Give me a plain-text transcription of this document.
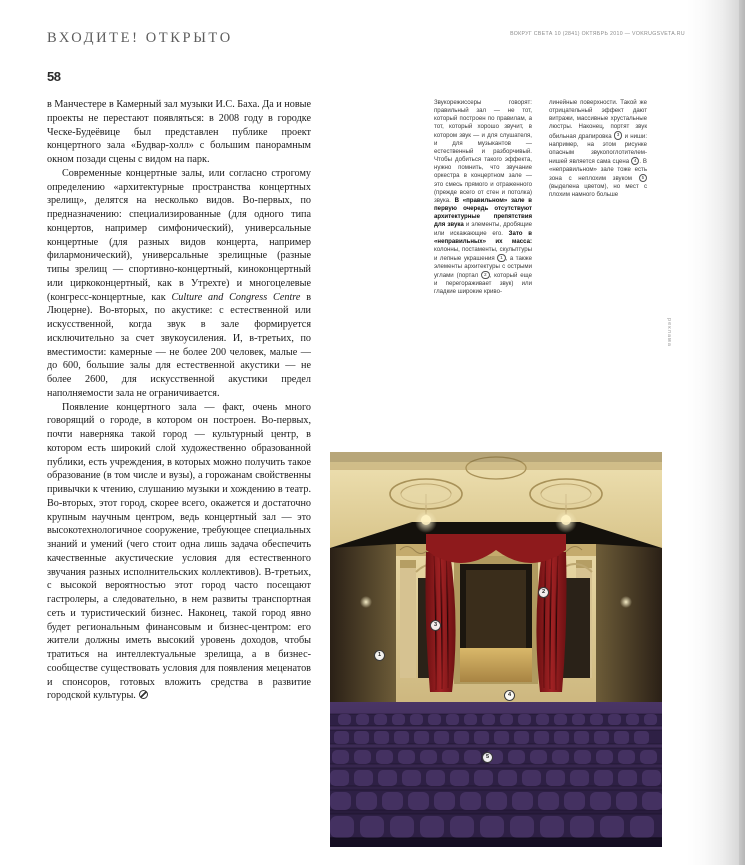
ВХОДИТЕ! ОТКРЫТО	ВОКРУГ СВЕТА 10 (2841) ОКТЯБРЬ 2010 — VOKRUGSVETA.RU
58

в Манчестере в Камерный зал музыки И.С. Баха. Да и новые проекты не перестают появляться: в 2008 году в городке Ческе-Будеёвице был представлен публике проект концертного зала «Будвар-холл» с большим панорамным окном позади сцены с видом на парк.

Современные концертные залы, или согласно строгому определению «архитектурные пространства концертных зрелищ», делятся на несколько видов. Во-первых, по предназначению: специализированные (для одного типа концертов, например симфонический), универсальные концертные (для разных видов концерта, например филармонический), универсальные зрелищные (разные типы зрелищ — спортивно-концертный, киноконцертный или циркоконцертный, как в Утрехте) и многоцелевые (конгресс-концертные, как Culture and Congress Centre в Люцерне). Во-вторых, по акустике: с естественной или искусственной, когда звук в зале формируется исключительно за счет звукоусиления. И, в-третьих, по вместимости: камерные — не более 200 человек, малые — до 600, большие залы для естественной акустики — не более 2600, для искусственной акустики предел наполняемости зала не ограничивается.

Появление концертного зала — факт, очень много говорящий о городе, в котором он построен. Во-первых, почти наверняка такой город — культурный центр, в котором есть широкий слой художественно образованной публики, есть учреждения, в которых можно получить такое образование (в том числе и вузы), а горожанам свойственны привычки к чтению, слушанию музыки и хождению в театр. Во-вторых, этот город, скорее всего, окажется и достаточно крупным научным центром, ведь концертный зал — это высокотехнологичное сооружение, требующее специальных знаний и умений (чего стоит одна лишь задача обеспечить качественные акустические условия для естественного звучания разных исполнительских коллективов). В-третьих, с высокой вероятностью этот город часто посещают гастролеры, а следовательно, в нем развиты транспортная сеть и туристический бизнес. Наконец, такой город явно будет региональным финансовым и бизнес-центром: его жители должны иметь высокий уровень доходов, чтобы тратиться на интеллектуальные зрелища, а в бизнес-сообществе существовать условия для появления меценатов и спонсоров, готовых вложить средства в развитие городской культуры.

Звукорежиссеры говорят: правильный зал — не тот, который построен по правилам, а тот, который хорошо звучит, в котором звук — и для слушателя, и для музыкантов — естественный и разборчивый. Чтобы добиться такого эффекта, нужно помнить, что звучание оркестра в концертном зале — это смесь прямого и отраженного (прежде всего от стен и потолка) звука. В «правильном» зале в первую очередь отсутствуют архитектурные препятствия для звука и элементы, дробящие или искажающие его. Зато в «неправильных» их масса: колонны, постаменты, скульптуры и лепные украшения 1 , а также элементы архитектуры с острыми углами (портал 2 , который еще и перегораживает звук) или гладкие широкие криво-

линейные поверхности. Такой же отрицательный эффект дают витражи, массивные хрустальные люстры. Наконец, портят звук обильная драпировка 3 и ниши: например, на этом рисунке опасным звукопоглотителем-нишей является сама сцена 4 . В «неправильном» зале тоже есть зона с неплохим звуком 5 (выделена цветом), но мест с плохим намного больше

1
2
3
4
5
реклама
